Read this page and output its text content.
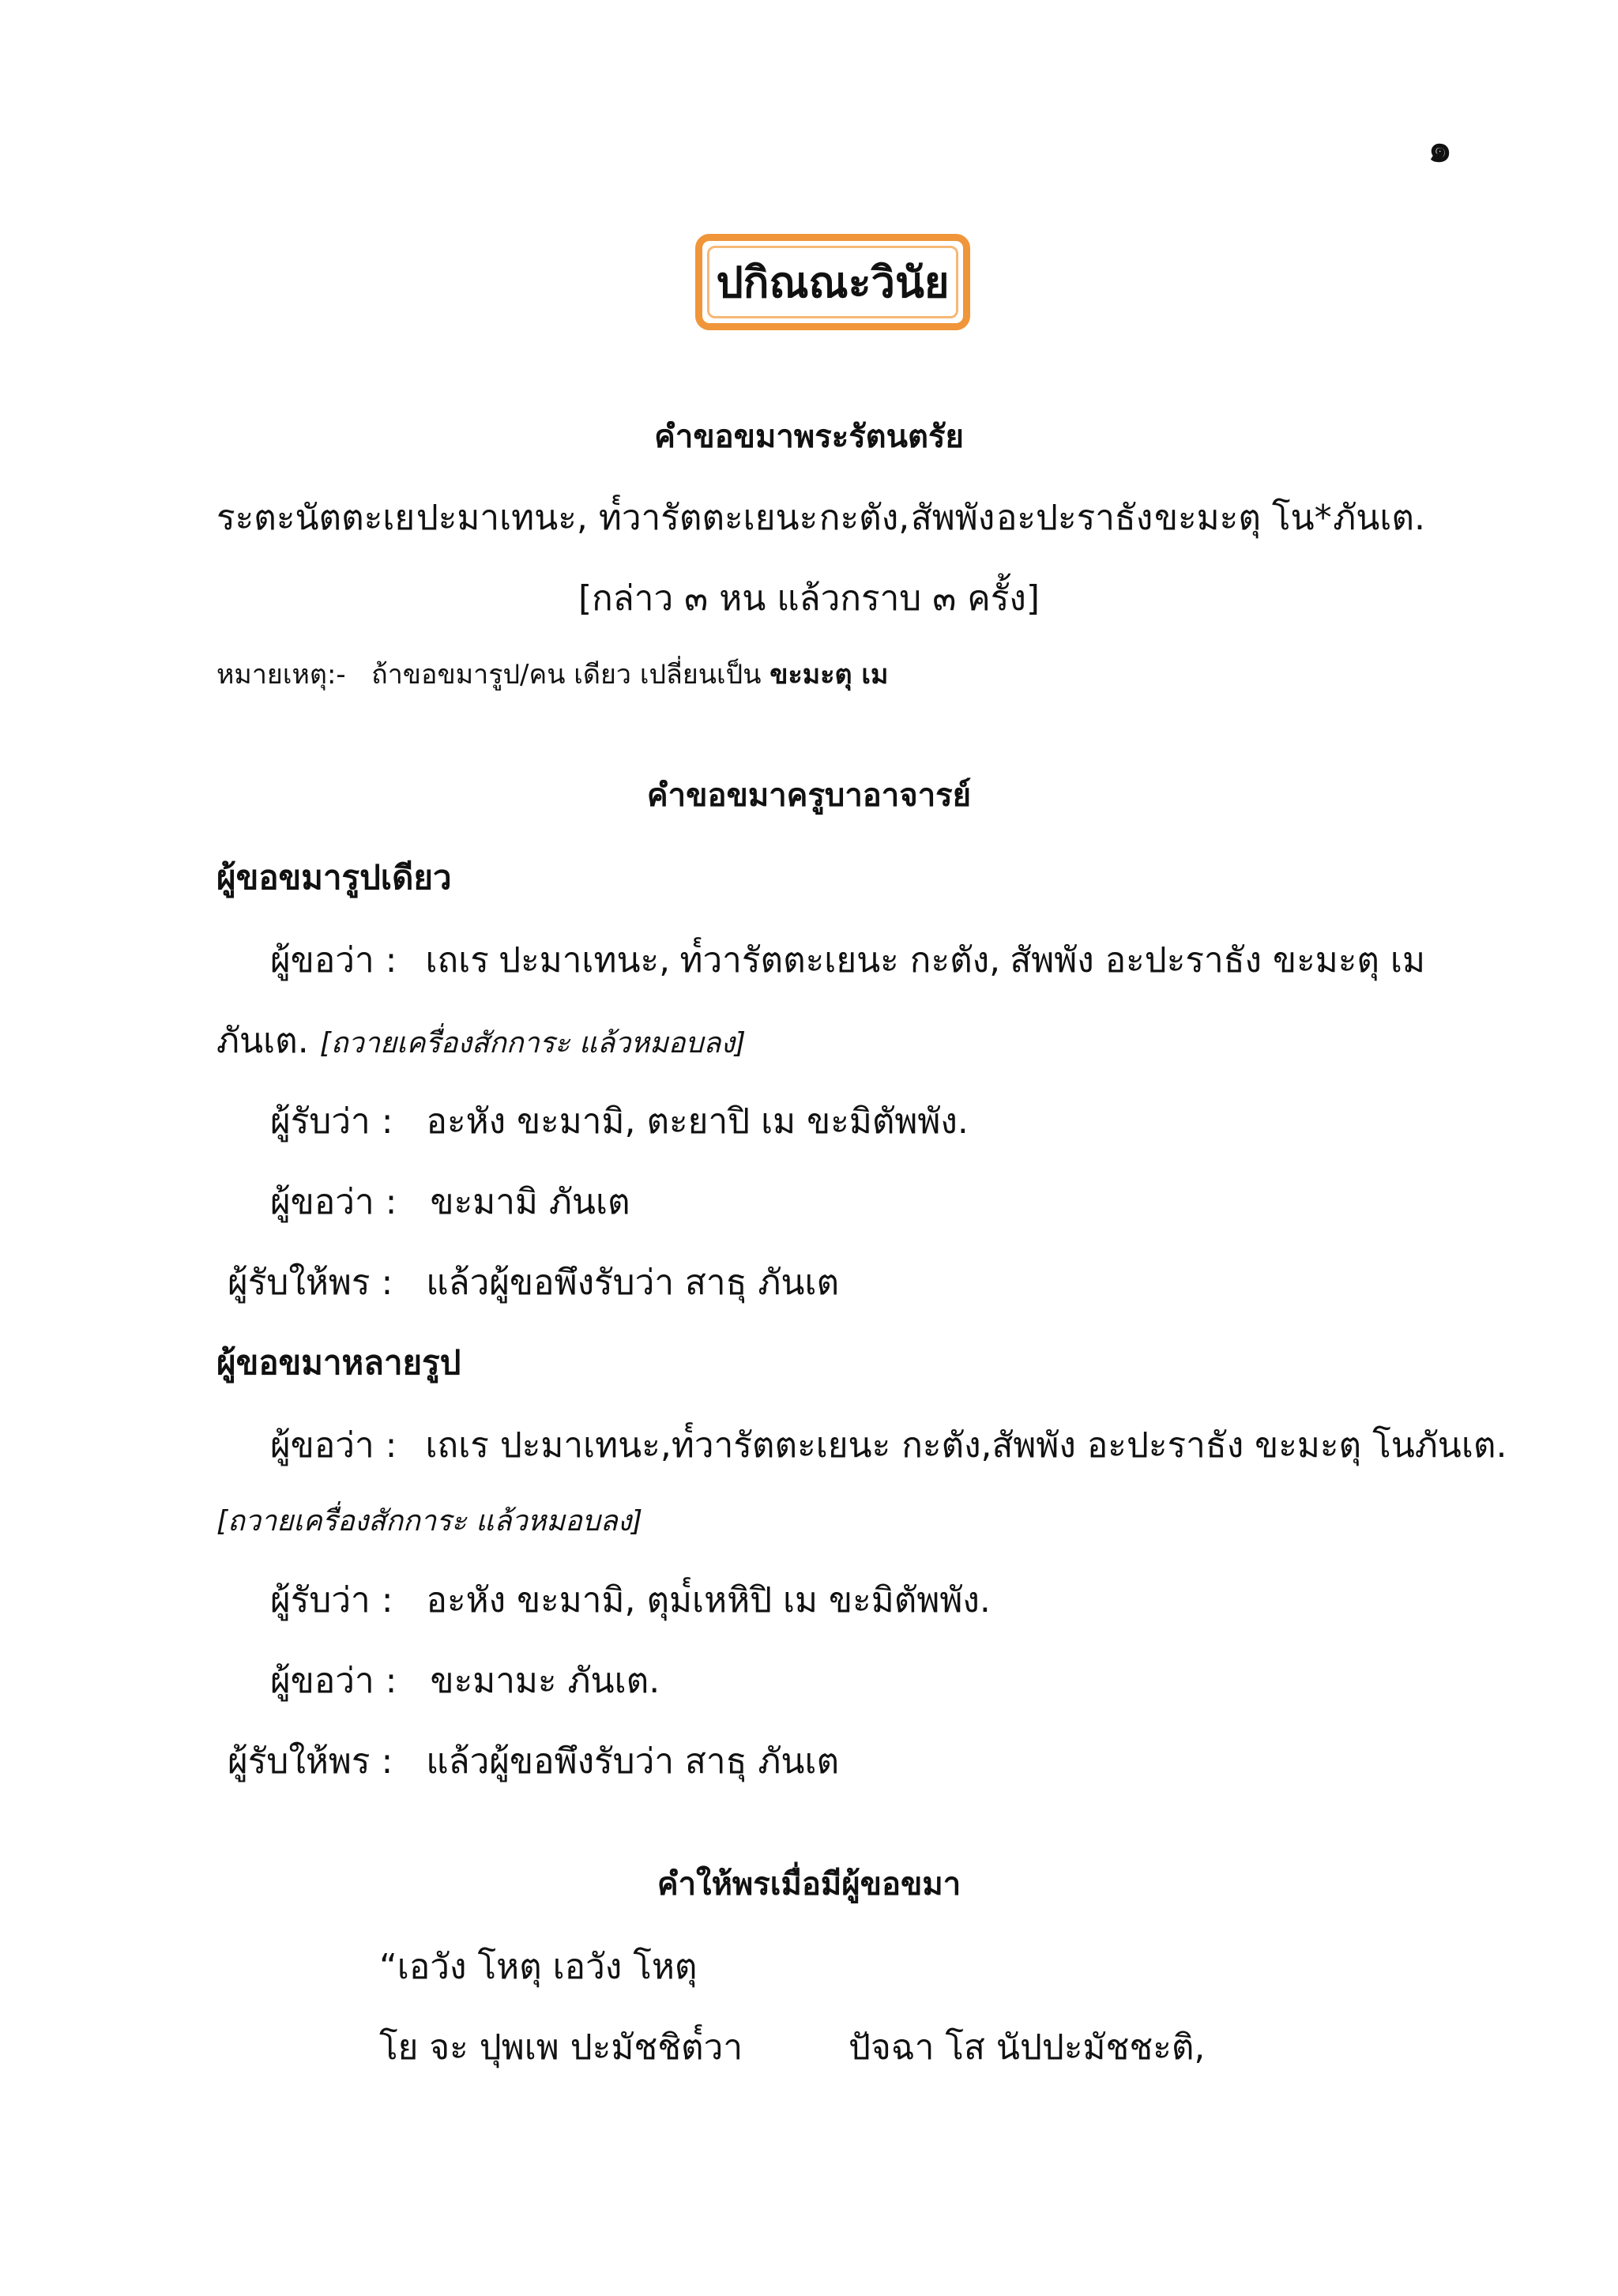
๑
ปกิณณะวินัย
คำขอขมาพระรัตนตรัย
ระตะนัตตะเย ปะมาเทนะ, ท๎วารัตตะเยนะ กะตัง, สัพพัง อะปะราธัง ขะมะตุ โน* ภันเต.
[กล่าว ๓ หน แล้วกราบ ๓ ครั้ง]
หมายเหตุ:- ถ้าขอขมารูป/คน เดียว เปลี่ยนเป็น ขะมะตุ เม
คำขอขมาครูบาอาจารย์
ผู้ขอขมารูปเดียว
ผู้ขอว่า : เถเร ปะมาเทนะ, ท๎วารัตตะเยนะ กะตัง, สัพพัง อะปะราธัง ขะมะตุ เม
ภันเต. [ถวายเครื่องสักการะ แล้วหมอบลง]
ผู้รับว่า : อะหัง ขะมามิ, ตะยาปิ เม ขะมิตัพพัง.
ผู้ขอว่า : ขะมามิ ภันเต
ผู้รับให้พร : แล้วผู้ขอพึงรับว่า สาธุ ภันเต
ผู้ขอขมาหลายรูป
ผู้ขอว่า : เถเร ปะมาเทนะ, ท๎วารัตตะเยนะ กะตัง, สัพพัง อะปะราธัง ขะมะตุ โน ภันเต.
[ถวายเครื่องสักการะ แล้วหมอบลง]
ผู้รับว่า : อะหัง ขะมามิ, ตุม๎เหหิปิ เม ขะมิตัพพัง.
ผู้ขอว่า : ขะมามะ ภันเต.
ผู้รับให้พร : แล้วผู้ขอพึงรับว่า สาธุ ภันเต
คำให้พรเมื่อมีผู้ขอขมา
“เอวัง โหตุ เอวัง โหตุ
โย จะ ปุพเพ ปะมัชชิต๎วา	ปัจฉา โส นัปปะมัชชะติ,
